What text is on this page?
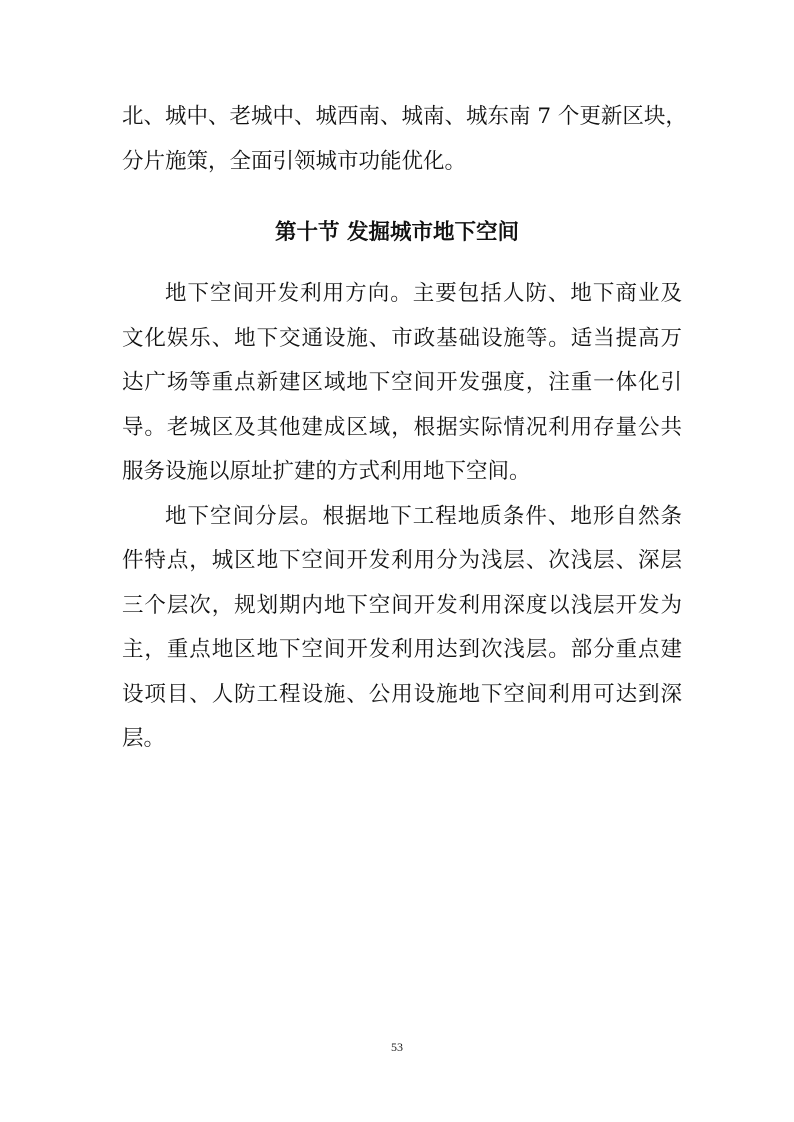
北、城中、老城中、城西南、城南、城东南 7 个更新区块，

分片施策，全面引领城市功能优化。

第十节 发掘城市地下空间

地下空间开发利用方向。主要包括人防、地下商业及

文化娱乐、地下交通设施、市政基础设施等。适当提高万

达广场等重点新建区域地下空间开发强度，注重一体化引

导。老城区及其他建成区域，根据实际情况利用存量公共

服务设施以原址扩建的方式利用地下空间。

地下空间分层。根据地下工程地质条件、地形自然条

件特点，城区地下空间开发利用分为浅层、次浅层、深层

三个层次，规划期内地下空间开发利用深度以浅层开发为

主，重点地区地下空间开发利用达到次浅层。部分重点建

设项目、人防工程设施、公用设施地下空间利用可达到深

层。

53
